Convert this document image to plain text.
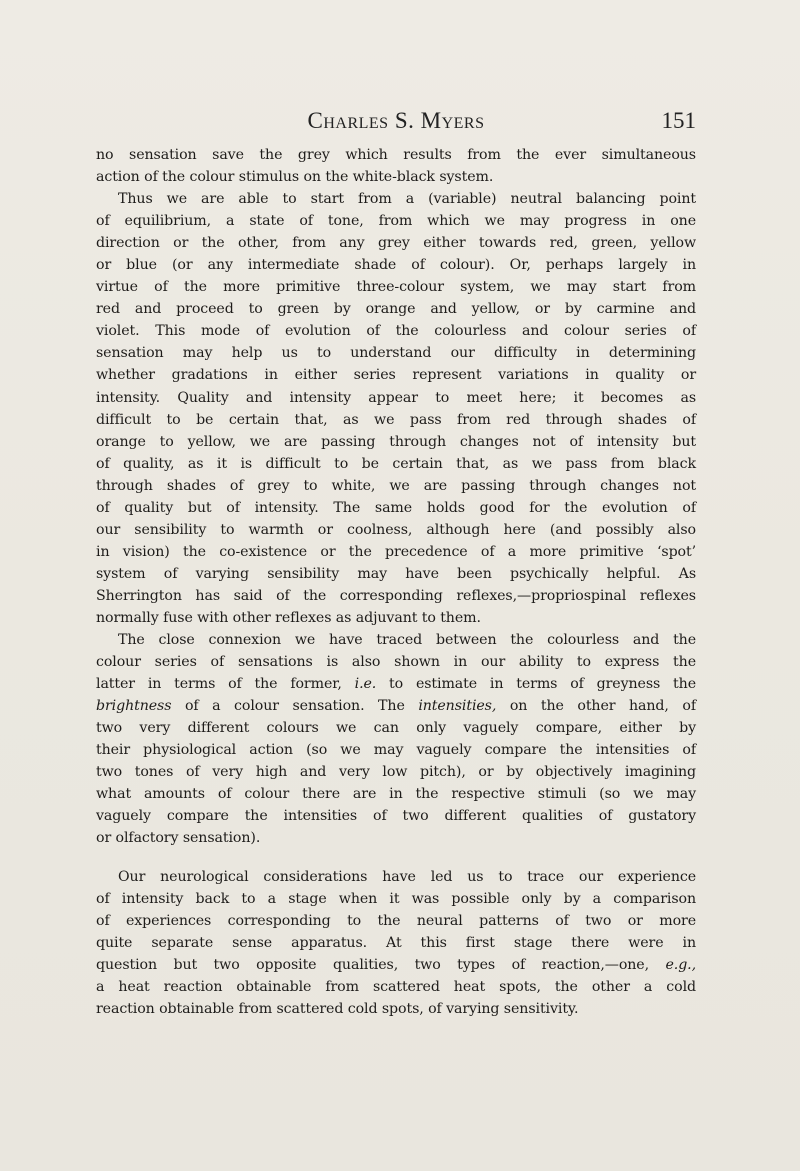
Charles S. Myers	151
no sensation save the grey which results from the ever simultaneous
action of the colour stimulus on the white-black system.
Thus we are able to start from a (variable) neutral balancing point
of equilibrium, a state of tone, from which we may progress in one
direction or the other, from any grey either towards red, green, yellow
or blue (or any intermediate shade of colour). Or, perhaps largely in
virtue of the more primitive three-colour system, we may start from
red and proceed to green by orange and yellow, or by carmine and
violet. This mode of evolution of the colourless and colour series of
sensation may help us to understand our difficulty in determining
whether gradations in either series represent variations in quality or
intensity. Quality and intensity appear to meet here; it becomes as
difficult to be certain that, as we pass from red through shades of
orange to yellow, we are passing through changes not of intensity but
of quality, as it is difficult to be certain that, as we pass from black
through shades of grey to white, we are passing through changes not
of quality but of intensity. The same holds good for the evolution of
our sensibility to warmth or coolness, although here (and possibly also
in vision) the co-existence or the precedence of a more primitive ‘spot’
system of varying sensibility may have been psychically helpful. As
Sherrington has said of the corresponding reflexes,—propriospinal reflexes
normally fuse with other reflexes as adjuvant to them.
The close connexion we have traced between the colourless and the
colour series of sensations is also shown in our ability to express the
latter in terms of the former, i.e. to estimate in terms of greyness the
brightness of a colour sensation. The intensities, on the other hand, of
two very different colours we can only vaguely compare, either by
their physiological action (so we may vaguely compare the intensities of
two tones of very high and very low pitch), or by objectively imagining
what amounts of colour there are in the respective stimuli (so we may
vaguely compare the intensities of two different qualities of gustatory
or olfactory sensation).
Our neurological considerations have led us to trace our experience
of intensity back to a stage when it was possible only by a comparison
of experiences corresponding to the neural patterns of two or more
quite separate sense apparatus. At this first stage there were in
question but two opposite qualities, two types of reaction,—one, e.g.,
a heat reaction obtainable from scattered heat spots, the other a cold
reaction obtainable from scattered cold spots, of varying sensitivity.
